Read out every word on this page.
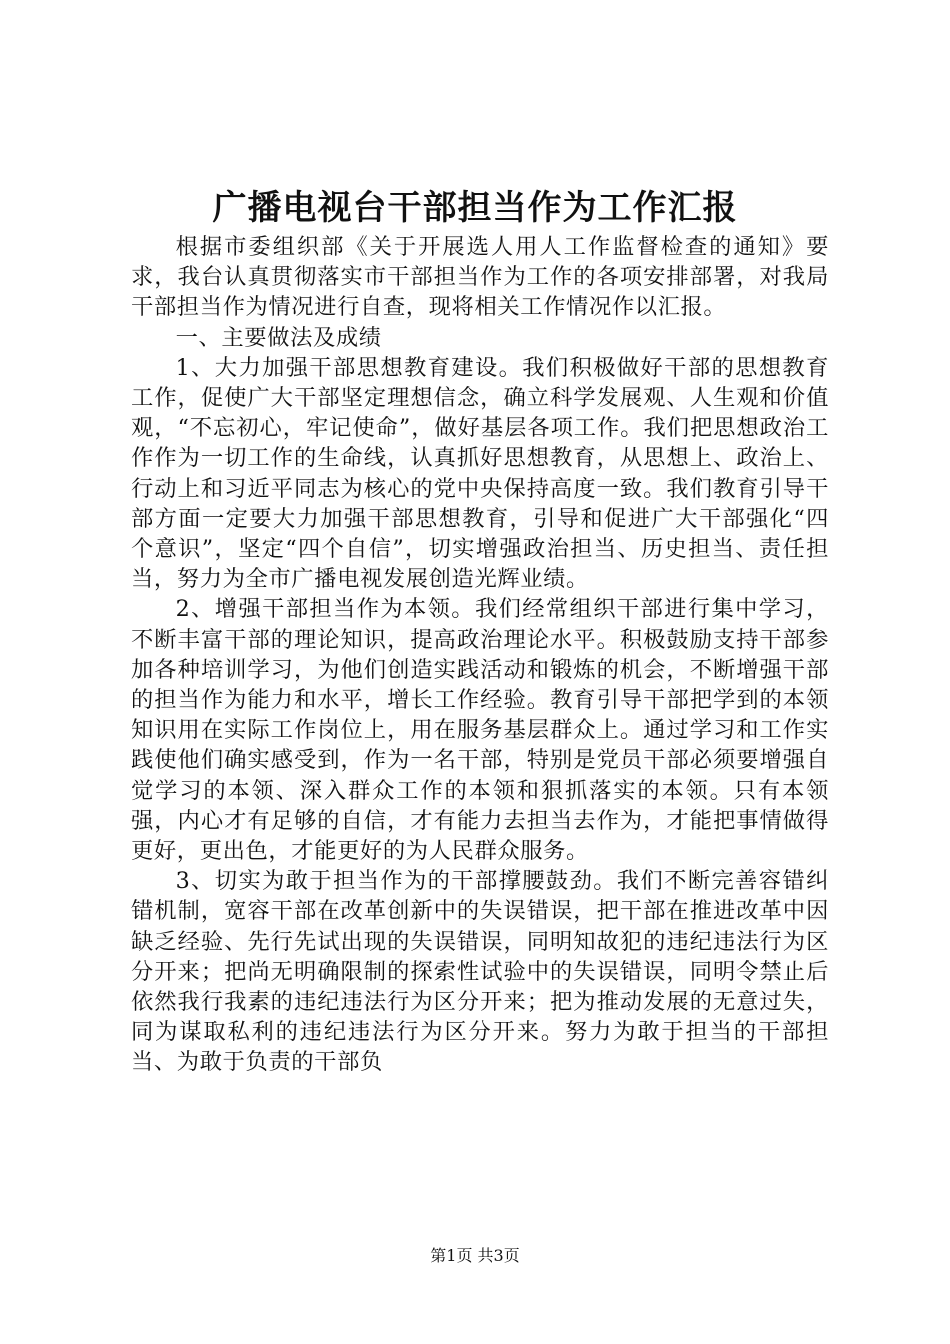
广播电视台干部担当作为工作汇报

根据市委组织部《关于开展选人用人工作监督检查的通知》要求，我台认真贯彻落实市干部担当作为工作的各项安排部署，对我局干部担当作为情况进行自查，现将相关工作情况作以汇报。

一、主要做法及成绩

1、大力加强干部思想教育建设。我们积极做好干部的思想教育工作，促使广大干部坚定理想信念，确立科学发展观、人生观和价值观，“不忘初心，牢记使命”，做好基层各项工作。我们把思想政治工作作为一切工作的生命线，认真抓好思想教育，从思想上、政治上、行动上和习近平同志为核心的党中央保持高度一致。我们教育引导干部方面一定要大力加强干部思想教育，引导和促进广大干部强化“四个意识”，坚定“四个自信”，切实增强政治担当、历史担当、责任担当，努力为全市广播电视发展创造光辉业绩。

2、增强干部担当作为本领。我们经常组织干部进行集中学习，不断丰富干部的理论知识，提高政治理论水平。积极鼓励支持干部参加各种培训学习，为他们创造实践活动和锻炼的机会，不断增强干部的担当作为能力和水平，增长工作经验。教育引导干部把学到的本领知识用在实际工作岗位上，用在服务基层群众上。通过学习和工作实践使他们确实感受到，作为一名干部，特别是党员干部必须要增强自觉学习的本领、深入群众工作的本领和狠抓落实的本领。只有本领强，内心才有足够的自信，才有能力去担当去作为，才能把事情做得更好，更出色，才能更好的为人民群众服务。

3、切实为敢于担当作为的干部撑腰鼓劲。我们不断完善容错纠错机制，宽容干部在改革创新中的失误错误，把干部在推进改革中因缺乏经验、先行先试出现的失误错误，同明知故犯的违纪违法行为区分开来；把尚无明确限制的探索性试验中的失误错误，同明令禁止后依然我行我素的违纪违法行为区分开来；把为推动发展的无意过失，同为谋取私利的违纪违法行为区分开来。努力为敢于担当的干部担当、为敢于负责的干部负

第1页 共3页
